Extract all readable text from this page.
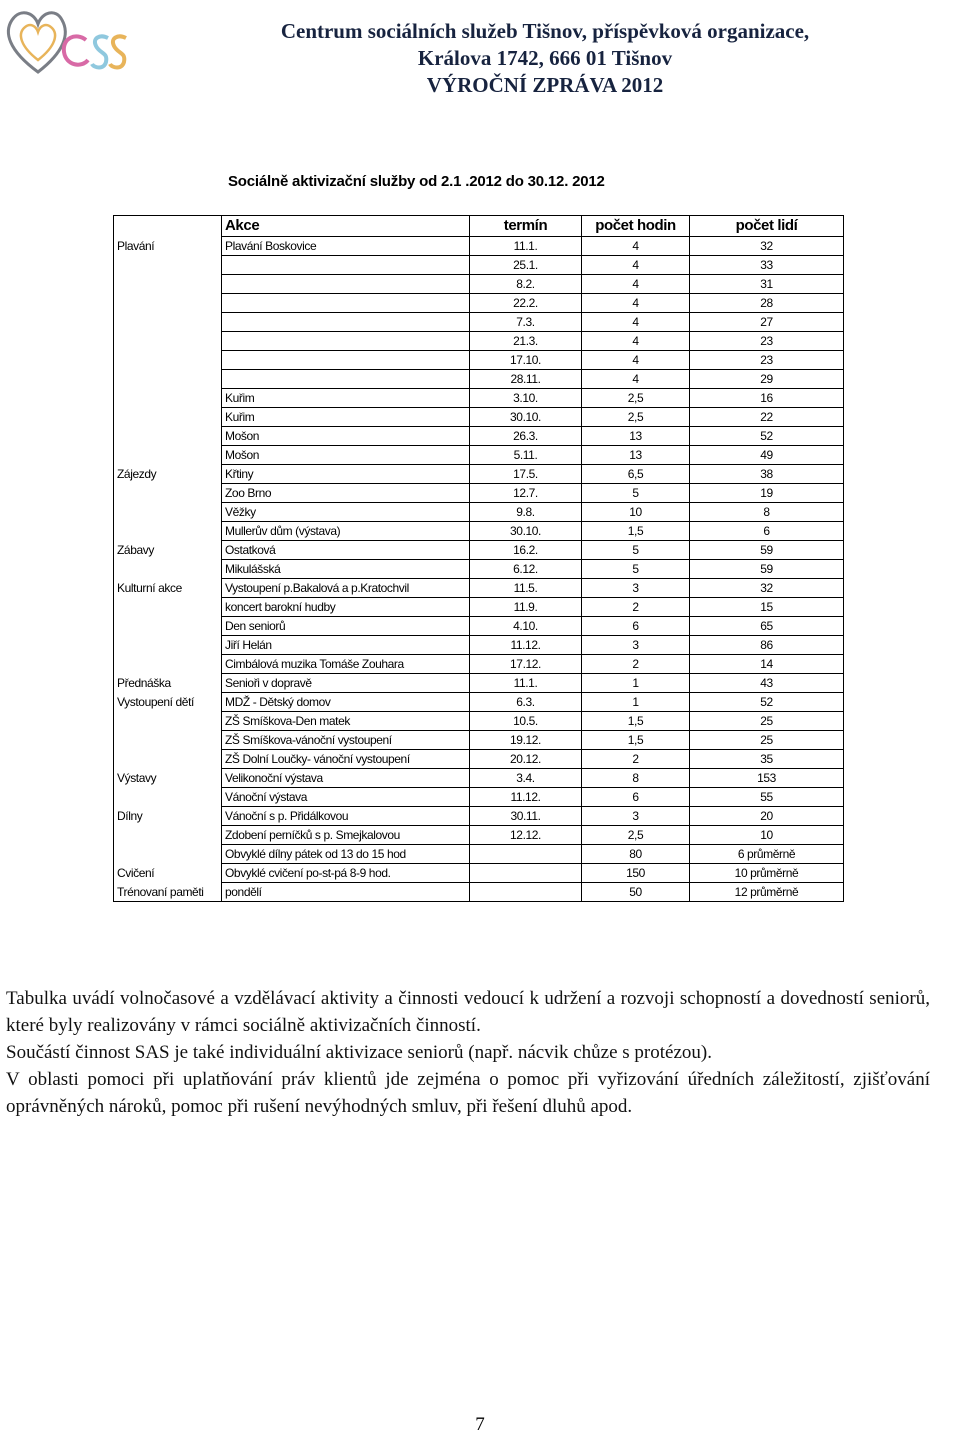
Centrum sociálních služeb Tišnov, příspěvková organizace,
Králova 1742, 666 01 Tišnov
VÝROČNÍ ZPRÁVA 2012
Sociálně aktivizační služby od 2.1 .2012 do 30.12. 2012
	Akce	termín	počet hodin	počet lidí
Plavání	Plavání Boskovice	11.1.	4	32
		25.1.	4	33
		8.2.	4	31
		22.2.	4	28
		7.3.	4	27
		21.3.	4	23
		17.10.	4	23
		28.11.	4	29
	Kuřim	3.10.	2,5	16
	Kuřim	30.10.	2,5	22
	Mošon	26.3.	13	52
	Mošon	5.11.	13	49
Zájezdy	Křtiny	17.5.	6,5	38
	Zoo Brno	12.7.	5	19
	Věžky	9.8.	10	8
	Mullerův dům (výstava)	30.10.	1,5	6
Zábavy	Ostatková	16.2.	5	59
	Mikulášská	6.12.	5	59
Kulturní akce	Vystoupení p.Bakalová a p.Kratochvil	11.5.	3	32
	koncert barokní hudby	11.9.	2	15
	Den seniorů	4.10.	6	65
	Jiří Helán	11.12.	3	86
	Cimbálová muzika Tomáše Zouhara	17.12.	2	14
Přednáška	Senioři v dopravě	11.1.	1	43
Vystoupení dětí	MDŽ - Dětský domov	6.3.	1	52
	ZŠ Smíškova-Den matek	10.5.	1,5	25
	ZŠ Smíškova-vánoční vystoupení	19.12.	1,5	25
	ZŠ Dolní Loučky- vánoční vystoupení	20.12.	2	35
Výstavy	Velikonoční výstava	3.4.	8	153
	Vánoční výstava	11.12.	6	55
Dílny	Vánoční s p. Přidálkovou	30.11.	3	20
	Zdobení perníčků s p. Smejkalovou	12.12.	2,5	10
	Obvyklé dílny pátek od 13 do 15 hod		80	6 průměrně
Cvičení	Obvyklé cvičení po-st-pá 8-9 hod.		150	10 průměrně
Trénovaní paměti	pondělí		50	12 průměrně

Tabulka uvádí volnočasové a vzdělávací aktivity a činnosti vedoucí k udržení a rozvoji schopností a dovedností seniorů, které byly realizovány v rámci sociálně aktivizačních činností.

Součástí činnost SAS je také individuální aktivizace seniorů (např. nácvik chůze s protézou).

V oblasti pomoci při uplatňování práv klientů jde zejména o pomoc při vyřizování úředních záležitostí, zjišťování oprávněných nároků, pomoc při rušení nevýhodných smluv, při řešení dluhů apod.

7
